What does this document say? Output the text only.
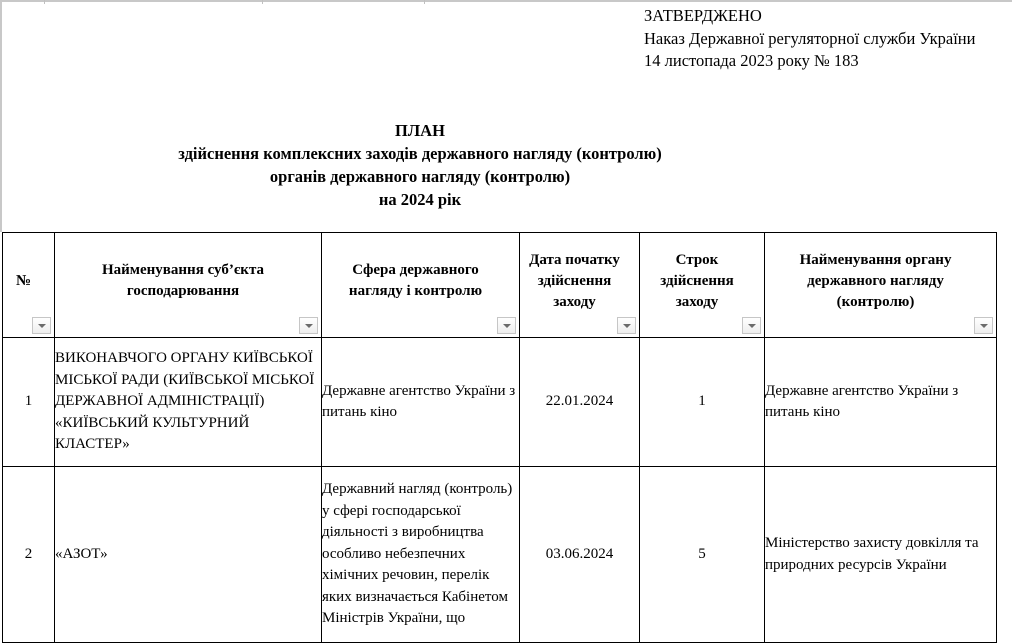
ЗАТВЕРДЖЕНО
Наказ Державної регуляторної служби України
14 листопада 2023 року № 183
ПЛАН
здійснення комплексних заходів державного нагляду (контролю)
органів державного нагляду (контролю)
на 2024 рік
№	Найменування суб’єкта господарювання	Сфера державного нагляду і контролю	Дата початку здійснення заходу	Строк здійснення заходу	Найменування органу державного нагляду (контролю)

1	ВИКОНАВЧОГО ОРГАНУ КИЇВСЬКОЇ МІСЬКОЇ РАДИ (КИЇВСЬКОЇ МІСЬКОЇ ДЕРЖАВНОЇ АДМІНІСТРАЦІЇ) «КИЇВСЬКИЙ КУЛЬТУРНИЙ КЛАСТЕР»	Державне агентство України з питань кіно	22.01.2024	1	Державне агентство України з питань кіно
2	«АЗОТ»	Державний нагляд (контроль) у сфері господарської діяльності з виробництва особливо небезпечних хімічних речовин, перелік яких визначається Кабінетом Міністрів України, що	03.06.2024	5	Міністерство захисту довкілля та природних ресурсів України
